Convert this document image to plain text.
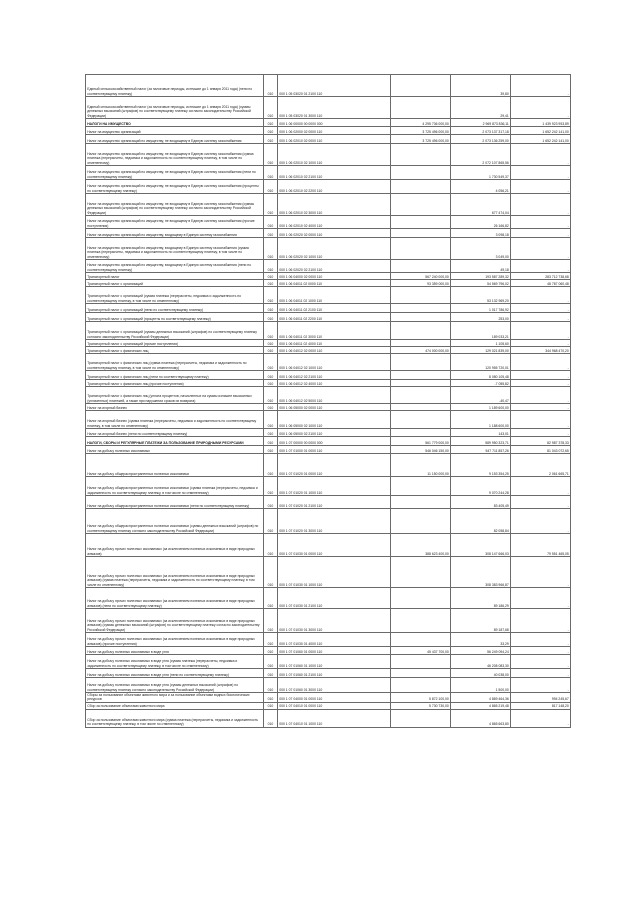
Единый сельскохозяйственный налог (за налоговые периоды, истекшие до 1 января 2011 года) (пени по соответствующему платежу)	010	000 1 05 03020 01 2100 110		39,80	-
Единый сельскохозяйственный налог (за налоговые периоды, истекшие до 1 января 2011 года) (суммы денежных взысканий (штрафов) по соответствующему платежу согласно законодательству Российской Федерации)	010	000 1 05 03020 01 3000 110		29,41	-
НАЛОГИ НА ИМУЩЕСТВО	010	000 1 06 00000 00 0000 000	4 295 736 000,00	2 969 873 836,11	1 439 923 953,89
Налог на имущество организаций	010	000 1 06 02000 02 0000 110	3 725 496 000,00	2 073 137 317,18	1 652 242 141,00
Налог на имущество организаций по имуществу, не входящему в Единую систему газоснабжения	010	000 1 06 02010 02 0000 110	3 725 496 000,00	2 073 136 259,00	1 652 242 141,00
Налог на имущество организаций по имуществу, не входящему в Единую систему газоснабжения (сумма платежа (перерасчеты, недоимка и задолженность по соответствующему платежу, в том числе по отмененному)	010	000 1 06 02010 02 1000 110		2 072 107 865,56	-
Налог на имущество организаций по имуществу, не входящему в Единую систему газоснабжения (пени по соответствующему платежу)	010	000 1 06 02010 02 2100 110		1 730 549,37	-
Налог на имущество организаций по имуществу, не входящему в Единую систему газоснабжения (проценты по соответствующему платежу)	010	000 1 06 02010 02 2200 110		4 056,21	-
Налог на имущество организаций по имуществу, не входящему в Единую систему газоснабжения (суммы денежных взысканий (штрафов) по соответствующему платежу согласно законодательству Российской Федерации)	010	000 1 06 02010 02 3000 110		677 474,04	-
Налог на имущество организаций по имуществу, не входящему в Единую систему газоснабжения (прочие поступления)	010	000 1 06 02010 02 4000 110		26 166,82	-
Налог на имущество организаций по имуществу, входящему в Единую систему газоснабжения	010	000 1 06 02020 02 0000 110		3 098,18	-
Налог на имущество организаций по имуществу, входящему в Единую систему газоснабжения (сумма платежа (перерасчеты, недоимка и задолженность по соответствующему платежу, в том числе по отмененному)	010	000 1 06 02020 02 1000 110		3 049,00	-
Налог на имущество организаций по имуществу, входящему в Единую систему газоснабжения (пени по соответствующему платежу)	010	000 1 06 02020 02 2100 110		49,18	-
Транспортный налог	010	000 1 06 04000 02 0000 110	567 240 000,00	193 587 289,32	283 712 738,68
Транспортный налог с организаций	010	000 1 06 04011 02 0000 110	93 359 000,00	54 569 796,02	48 787 060,48
Транспортный налог с организаций (сумма платежа (перерасчеты, недоимка и задолженность по соответствующему платежу, в том числе по отмененному)	010	000 1 06 04011 02 1000 110		53 132 969,20	-
Транспортный налог с организаций (пени по соответствующему платежу)	010	000 1 06 04011 02 2100 110		1 017 786,92	-
Транспортный налог с организаций (проценты по соответствующему платежу)	010	000 1 06 04011 02 2200 110		253,00	-
Транспортный налог с организаций (суммы денежных взысканий (штрафов) по соответствующему платежу согласно законодательству Российской Федерации)	010	000 1 06 04011 02 3000 110		189 033,21	-
Транспортный налог с организаций (прочие поступления)	010	000 1 06 04011 02 4000 110		1 105,60	-
Транспортный налог с физических лиц	010	000 1 06 04012 02 0000 110	474 000 000,00	129 021 839,00	344 968 470,20
Транспортный налог с физических лиц (сумма платежа (перерасчеты, недоимка и задолженность по соответствующему платежу, в том числе по отмененному)	010	000 1 06 04012 02 1000 110		120 955 720,01	-
Транспортный налог с физических лиц (пени по соответствующему платежу)	010	000 1 06 04012 02 2100 110		8 080 105,48	-
Транспортный налог с физических лиц (прочие поступления)	010	000 1 06 04012 02 4000 110		-7 055,82	-
Транспортный налог с физических лиц (уплата процентов, начисленных на суммы излишне взысканных (уплаченных) платежей, а также при нарушении сроков их возврата)	010	000 1 06 04012 02 5000 110		-40,47	-
Налог на игорный бизнес	010	000 1 06 05000 02 0000 110		1 189 600,00	-
Налог на игорный бизнес (сумма платежа (перерасчеты, недоимка и задолженность по соответствующему платежу, в том числе по отмененному)	010	000 1 06 05000 02 1000 110		1 188 600,00	-
Налог на игорный бизнес (пени по соответствующему платежу)	010	000 1 06 05000 02 2100 110		143,01	-
НАЛОГИ, СБОРЫ И РЕГУЛЯРНЫЕ ПЛАТЕЖИ ЗА ПОЛЬЗОВАНИЕ ПРИРОДНЫМИ РЕСУРСАМИ	010	000 1 07 00000 00 0000 000	561 779 000,00	589 950 323,71	82 987 378,33
Налог на добычу полезных ископаемых	010	000 1 07 01000 01 0000 110	546 046 150,00	547 711 857,26	81 043 072,65
Налог на добычу общераспространенных полезных ископаемых	010	000 1 07 01020 01 0000 110	11 150 000,00	9 153 354,25	2 061 665,71
Налог на добычу общераспространенных полезных ископаемых (сумма платежа (перерасчеты, недоимка и задолженность по соответствующему платежу, в том числе по отмененному)	010	000 1 07 01020 01 1000 110		9 070 244,28	-
Налог на добычу общераспространенных полезных ископаемых (пени по соответствующему платежу)	010	000 1 07 01020 01 2100 110		83 405,49	-
Налог на добычу общераспространенных полезных ископаемых (суммы денежных взысканий (штрафов) по соответствующему платежу согласно законодательству Российской Федерации)	010	000 1 07 01020 01 3000 110		82 058,84	-
Налог на добычу прочих полезных ископаемых (за исключением полезных ископаемых в виде природных алмазов)	010	000 1 07 01030 01 0000 110	388 623 400,00	308 147 666,03	79 551 465,05
Налог на добычу прочих полезных ископаемых (за исключением полезных ископаемых в виде природных алмазов) (сумма платежа (перерасчеты, недоимка и задолженность по соответствующему платежу, в том числе по отмененному)	010	000 1 07 01030 01 1000 110		308 383 966,87	-
Налог на добычу прочих полезных ископаемых (за исключением полезных ископаемых в виде природных алмазов) (пени по соответствующему платежу)	010	000 1 07 01030 01 2100 110		89 186,29	-
Налог на добычу прочих полезных ископаемых (за исключением полезных ископаемых в виде природных алмазов) (суммы денежных взысканий (штрафов) по соответствующему платежу согласно законодательству Российской Федерации)	010	000 1 07 01030 01 3000 110		89 187,68	-
Налог на добычу прочих полезных ископаемых (за исключением полезных ископаемых в виде природных алмазов) (прочие поступления)	010	000 1 07 01030 01 4000 110		33,29	-
Налог на добычу полезных ископаемых в виде угля	010	000 1 07 01060 01 0000 110	45 437 700,00	56 249 094,24	-
Налог на добычу полезных ископаемых в виде угля (сумма платежа (перерасчеты, недоимка и задолженность по соответствующему платежу, в том числе по отмененному)	010	000 1 07 01060 01 1000 110		46 208 083,30	-
Налог на добычу полезных ископаемых в виде угля (пени по соответствующему платежу)	010	000 1 07 01060 01 2100 110		40 038,00	-
Налог на добычу полезных ископаемых в виде угля (суммы денежных взысканий (штрафов) по соответствующему платежу согласно законодательству Российской Федерации)	010	000 1 07 01060 01 3000 110		1 500,00	-
Сборы за пользование объектами животного мира и за пользование объектами водных биологических ресурсов	010	000 1 07 04000 01 0000 110	5 872 100,00	4 869 464,36	994 245,67
Сбор за пользование объектами животного мира	010	000 1 07 04010 01 0000 110	5 730 730,00	4 865 219,48	817 148,20
Сбор за пользование объектами животного мира (сумма платежа (перерасчеты, недоимка и задолженность по соответствующему платежу, в том числе по отмененному)	010	000 1 07 04010 01 1000 110		4 865 663,80	-
